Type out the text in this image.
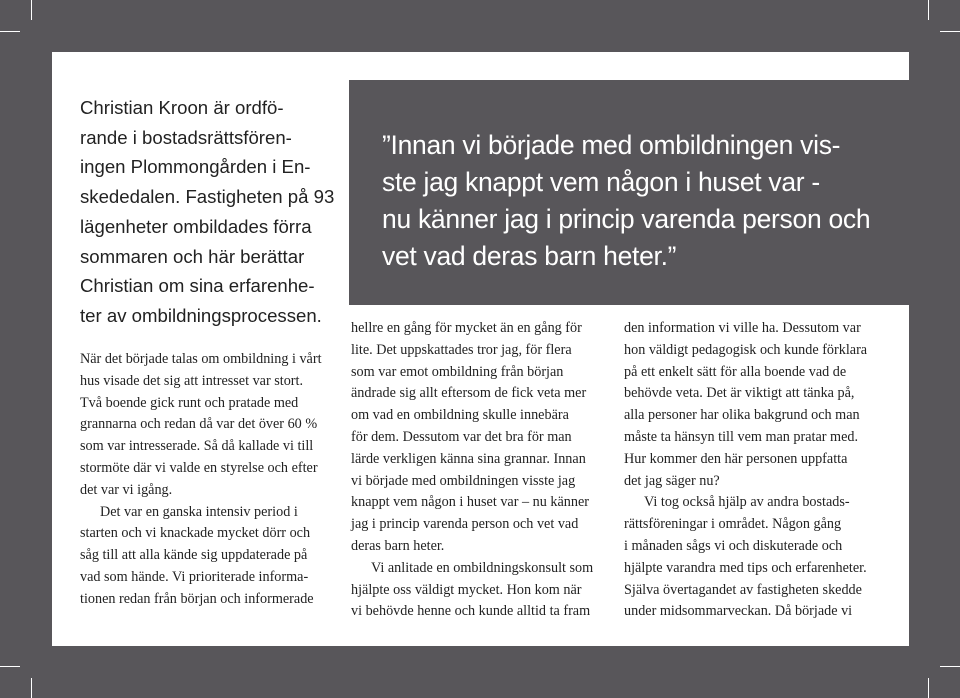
”Innan vi började med ombildningen vis-
ste jag knappt vem någon i huset var -
nu känner jag i princip varenda person och
vet vad deras barn heter.”
Christian Kroon är ordfö-
rande i bostadsrättsfören-
ingen Plommongården i En-
skededalen. Fastigheten på 93
lägenheter ombildades förra
sommaren och här berättar
Christian om sina erfarenhe-
ter av ombildningsprocessen.

När det började talas om ombildning i vårt
hus visade det sig att intresset var stort.
Två boende gick runt och pratade med
grannarna och redan då var det över 60 %
som var intresserade. Så då kallade vi till
stormöte där vi valde en styrelse och efter
det var vi igång.

Det var en ganska intensiv period i
starten och vi knackade mycket dörr och
såg till att alla kände sig uppdaterade på
vad som hände. Vi prioriterade informa-
tionen redan från början och informerade

hellre en gång för mycket än en gång för
lite. Det uppskattades tror jag, för flera
som var emot ombildning från början
ändrade sig allt eftersom de fick veta mer
om vad en ombildning skulle innebära
för dem. Dessutom var det bra för man
lärde verkligen känna sina grannar. Innan
vi började med ombildningen visste jag
knappt vem någon i huset var – nu känner
jag i princip varenda person och vet vad
deras barn heter.

Vi anlitade en ombildningskonsult som
hjälpte oss väldigt mycket. Hon kom när
vi behövde henne och kunde alltid ta fram

den information vi ville ha. Dessutom var
hon väldigt pedagogisk och kunde förklara
på ett enkelt sätt för alla boende vad de
behövde veta. Det är viktigt att tänka på,
alla personer har olika bakgrund och man
måste ta hänsyn till vem man pratar med.
Hur kommer den här personen uppfatta
det jag säger nu?

Vi tog också hjälp av andra bostads-
rättsföreningar i området. Någon gång
i månaden sågs vi och diskuterade och
hjälpte varandra med tips och erfarenheter.
Själva övertagandet av fastigheten skedde
under midsommarveckan. Då började vi
